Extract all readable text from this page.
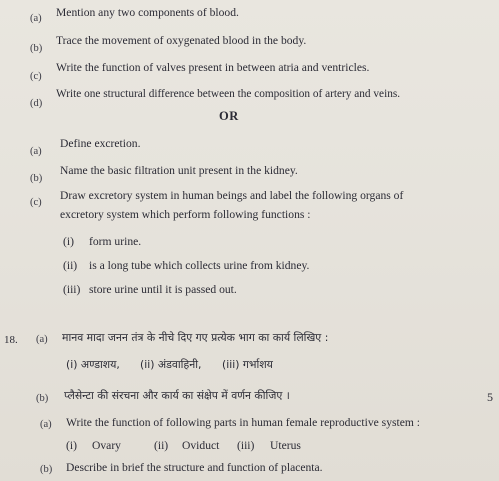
(a) Mention any two components of blood.
(b)
Trace the movement of oxygenated blood in the body.
(c)
Write the function of valves present in between atria and ventricles.
(d)
Write one structural difference between the composition of artery and veins.
OR
(a)
Define excretion.
(b)
Name the basic filtration unit present in the kidney.
(c)
Draw excretory system in human beings and label the following organs of
excretory system which perform following functions :
(i) form urine.
(ii) is a long tube which collects urine from kidney.
(iii) store urine until it is passed out.
18. (a) मानव मादा जनन तंत्र के नीचे दिए गए प्रत्येक भाग का कार्य लिखिए :
(i) अण्डाशय, (ii) अंडवाहिनी, (iii) गर्भाशय
(b) प्लैसेन्टा की संरचना और कार्य का संक्षेप में वर्णन कीजिए ।	5
(a) Write the function of following parts in human female reproductive system :
(i) Ovary	(ii) Oviduct (iii) Uterus
(b) Describe in brief the structure and function of placenta.
